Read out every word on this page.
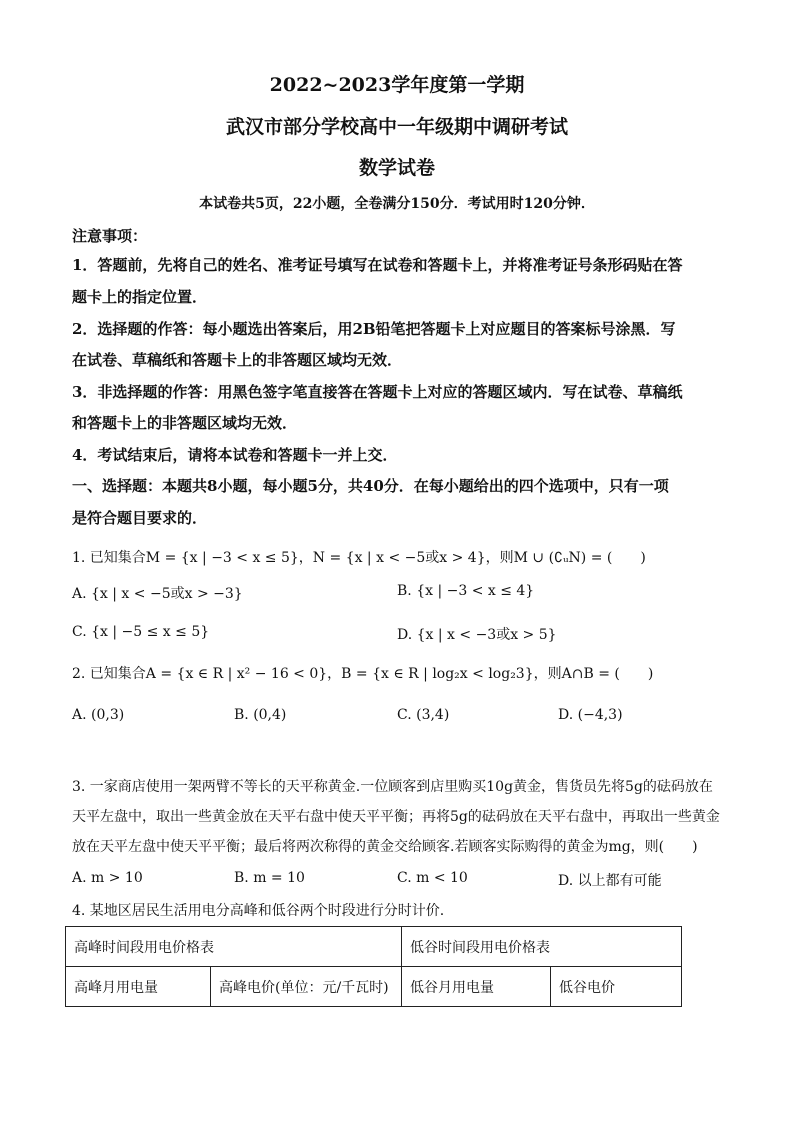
2022~2023学年度第一学期
武汉市部分学校高中一年级期中调研考试
数学试卷
本试卷共5页，22小题，全卷满分150分．考试用时120分钟．
注意事项：
1．答题前，先将自己的姓名、准考证号填写在试卷和答题卡上，并将准考证号条形码贴在答
题卡上的指定位置．
2．选择题的作答：每小题选出答案后，用2B铅笔把答题卡上对应题目的答案标号涂黑．写
在试卷、草稿纸和答题卡上的非答题区域均无效．
3．非选择题的作答：用黑色签字笔直接答在答题卡上对应的答题区域内．写在试卷、草稿纸
和答题卡上的非答题区域均无效．
4．考试结束后，请将本试卷和答题卡一并上交．
一、选择题：本题共8小题，每小题5分，共40分．在每小题给出的四个选项中，只有一项
是符合题目要求的．
1. 已知集合M = {x | −3 < x ≤ 5}，N = {x | x < −5或x > 4}，则M ∪ (∁ᵤN) = (　　)
A. {x | x < −5或x > −3}	B. {x | −3 < x ≤ 4}
C. {x | −5 ≤ x ≤ 5}	D. {x | x < −3或x > 5}
2. 已知集合A = {x ∈ R | x² − 16 < 0}，B = {x ∈ R | log₂x < log₂3}，则A∩B = (　　)
A. (0,3)	B. (0,4)	C. (3,4)	D. (−4,3)
3. 一家商店使用一架两臂不等长的天平称黄金.一位顾客到店里购买10g黄金，售货员先将5g的砝码放在
天平左盘中，取出一些黄金放在天平右盘中使天平平衡；再将5g的砝码放在天平右盘中，再取出一些黄金
放在天平左盘中使天平平衡；最后将两次称得的黄金交给顾客.若顾客实际购得的黄金为mg，则(　　)
A. m > 10	B. m = 10	C. m < 10	D. 以上都有可能
4. 某地区居民生活用电分高峰和低谷两个时段进行分时计价.
高峰时间段用电价格表		低谷时间段用电价格表	
高峰月用电量	高峰电价(单位：元/千瓦时)	低谷月用电量	低谷电价
